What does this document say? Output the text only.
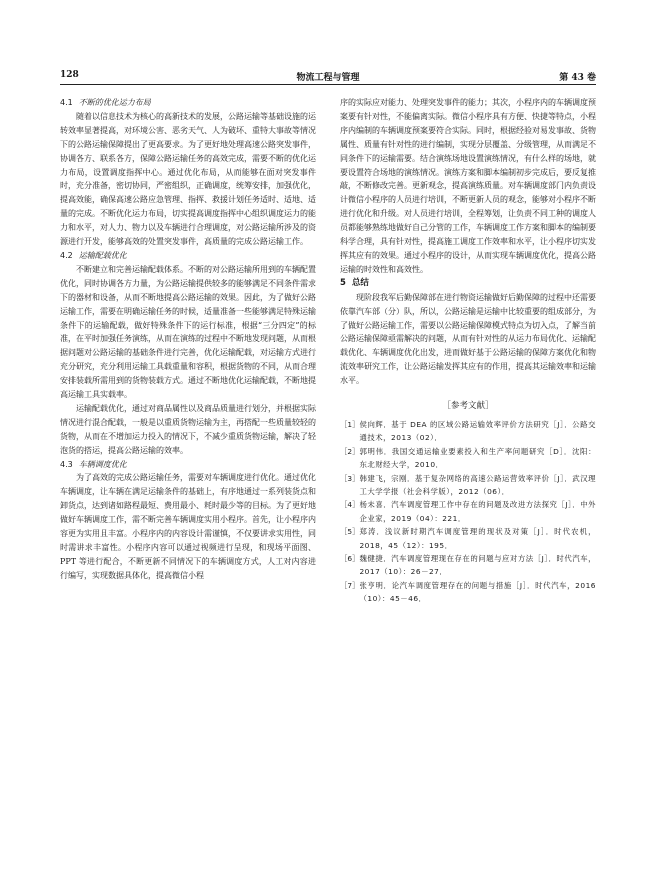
128	物流工程与管理	第 43 卷
4.1 不断的优化运力布局

随着以信息技术为核心的高新技术的发展，公路运输等基础设施的运转效率显著提高，对环境公害、恶劣天气、人为破坏、重特大事故等情况下的公路运输保障提出了更高要求。为了更好地处理高速公路突发事件，协调各方、联系各方，保障公路运输任务的高效完成，需要不断的优化运力布局，设置调度指挥中心。通过优化布局，从而能够在面对突发事件时，充分准备，密切协同，严密组织，正确调度，统筹安排，加强优化，提高效能，确保高速公路应急管理、指挥、救援计划任务适时、适地、适量的完成。不断优化运力布局，切实提高调度指挥中心组织调度运力的能力和水平，对人力、物力以及车辆进行合理调度，对公路运输所涉及的资源进行开发，能够高效的处置突发事件，高质量的完成公路运输工作。

4.2 运输配载优化

不断建立和完善运输配载体系。不断的对公路运输所用到的车辆配置优化，同时协调各方力量，为公路运输提供较多的能够满足不同条件需求下的器材和设备，从而不断地提高公路运输的效果。因此，为了做好公路运输工作，需要在明确运输任务的时候，适量准备一些能够满足特殊运输条件下的运输配载，做好特殊条件下的运行标准，根据“三分四定”的标准，在平时加强任务演练，从而在演练的过程中不断地发现问题，从而根据问题对公路运输的基础条件进行完善，优化运输配载，对运输方式进行充分研究，充分利用运输工具载重量和容积，根据货物的不同，从而合理安排装载所需用到的货物装载方式。通过不断地优化运输配载，不断地提高运输工具实载率。

运输配载优化，通过对商品属性以及商品质量进行划分，并根据实际情况进行混合配载，一般是以重质货物运输为主，再搭配一些质量较轻的货物，从而在不增加运力投入的情况下，不减少重质货物运输，解决了轻泡货的搭运，提高公路运输的效率。

4.3 车辆调度优化

为了高效的完成公路运输任务，需要对车辆调度进行优化。通过优化车辆调度，让车辆在满足运输条件的基础上，有序地通过一系列装货点和卸货点，达到诸如路程最短、费用最小、耗时最少等的目标。为了更好地做好车辆调度工作，需不断完善车辆调度实用小程序。首先，让小程序内容更为实用且丰富。小程序内的内容设计需谨慎，不仅要讲求实用性，同时需讲求丰富性。小程序内容可以通过视频进行呈现，和现场平面图、PPT 等进行配合，不断更新不同情况下的车辆调度方式，人工对内容进行编写，实现数据具体化，提高微信小程

序的实际应对能力、处理突发事件的能力；其次，小程序内的车辆调度预案要有针对性，不能偏离实际。微信小程序具有方便、快捷等特点，小程序内编制的车辆调度预案要符合实际。同时，根据经验对易发事故、货物属性、质量有针对性的进行编制，实现分层覆盖、分级管理，从而满足不同条件下的运输需要。结合演练场地设置演练情况，有什么样的场地，就要设置符合场地的演练情况。演练方案和脚本编制初步完成后，要反复推敲，不断修改完善。更新观念，提高演练质量。对车辆调度部门内负责设计微信小程序的人员进行培训，不断更新人员的观念，能够对小程序不断进行优化和升级。对人员进行培训，全程筹划，让负责不同工种的调度人员都能够熟练地做好自己分管的工作，车辆调度工作方案和脚本的编制要科学合理，具有针对性，提高施工调度工作效率和水平，让小程序切实发挥其应有的效果。通过小程序的设计，从而实现车辆调度优化，提高公路运输的时效性和高效性。

5 总结

现阶段我军后勤保障部在进行物资运输做好后勤保障的过程中还需要依靠汽车部（分）队，所以，公路运输是运输中比较重要的组成部分，为了做好公路运输工作，需要以公路运输保障模式特点为切入点，了解当前公路运输保障亟需解决的问题，从而有针对性的从运力布局优化、运输配载优化、车辆调度优化出发，进而做好基于公路运输的保障方案优化和物流效率研究工作，让公路运输发挥其应有的作用，提高其运输效率和运输水平。

［参考文献］
［1］ 侯向辉．基于 DEA 的区域公路运输效率评价方法研究［J］．公路交通技术，2013（02）．
［2］ 郭明伟．我国交通运输业要素投入和生产率问题研究［D］．沈阳：东北财经大学，2010．
［3］ 韩建飞，宗刚．基于复杂网络的高速公路运营效率评价［J］．武汉理工大学学报（社会科学版），2012（06）．
［4］ 杨未喜．汽车调度管理工作中存在的问题及改进方法探究［J］．中外企业家，2019（04）：221．
［5］ 郑涛．浅议新时期汽车调度管理的现状及对策［J］．时代农机，2018，45（12）：195．
［6］ 魏健捷．汽车调度管理现在存在的问题与应对方法［J］．时代汽车，2017（10）：26－27．
［7］ 张亨明．论汽车调度管理存在的问题与措施［J］．时代汽车，2016（10）：45－46．
